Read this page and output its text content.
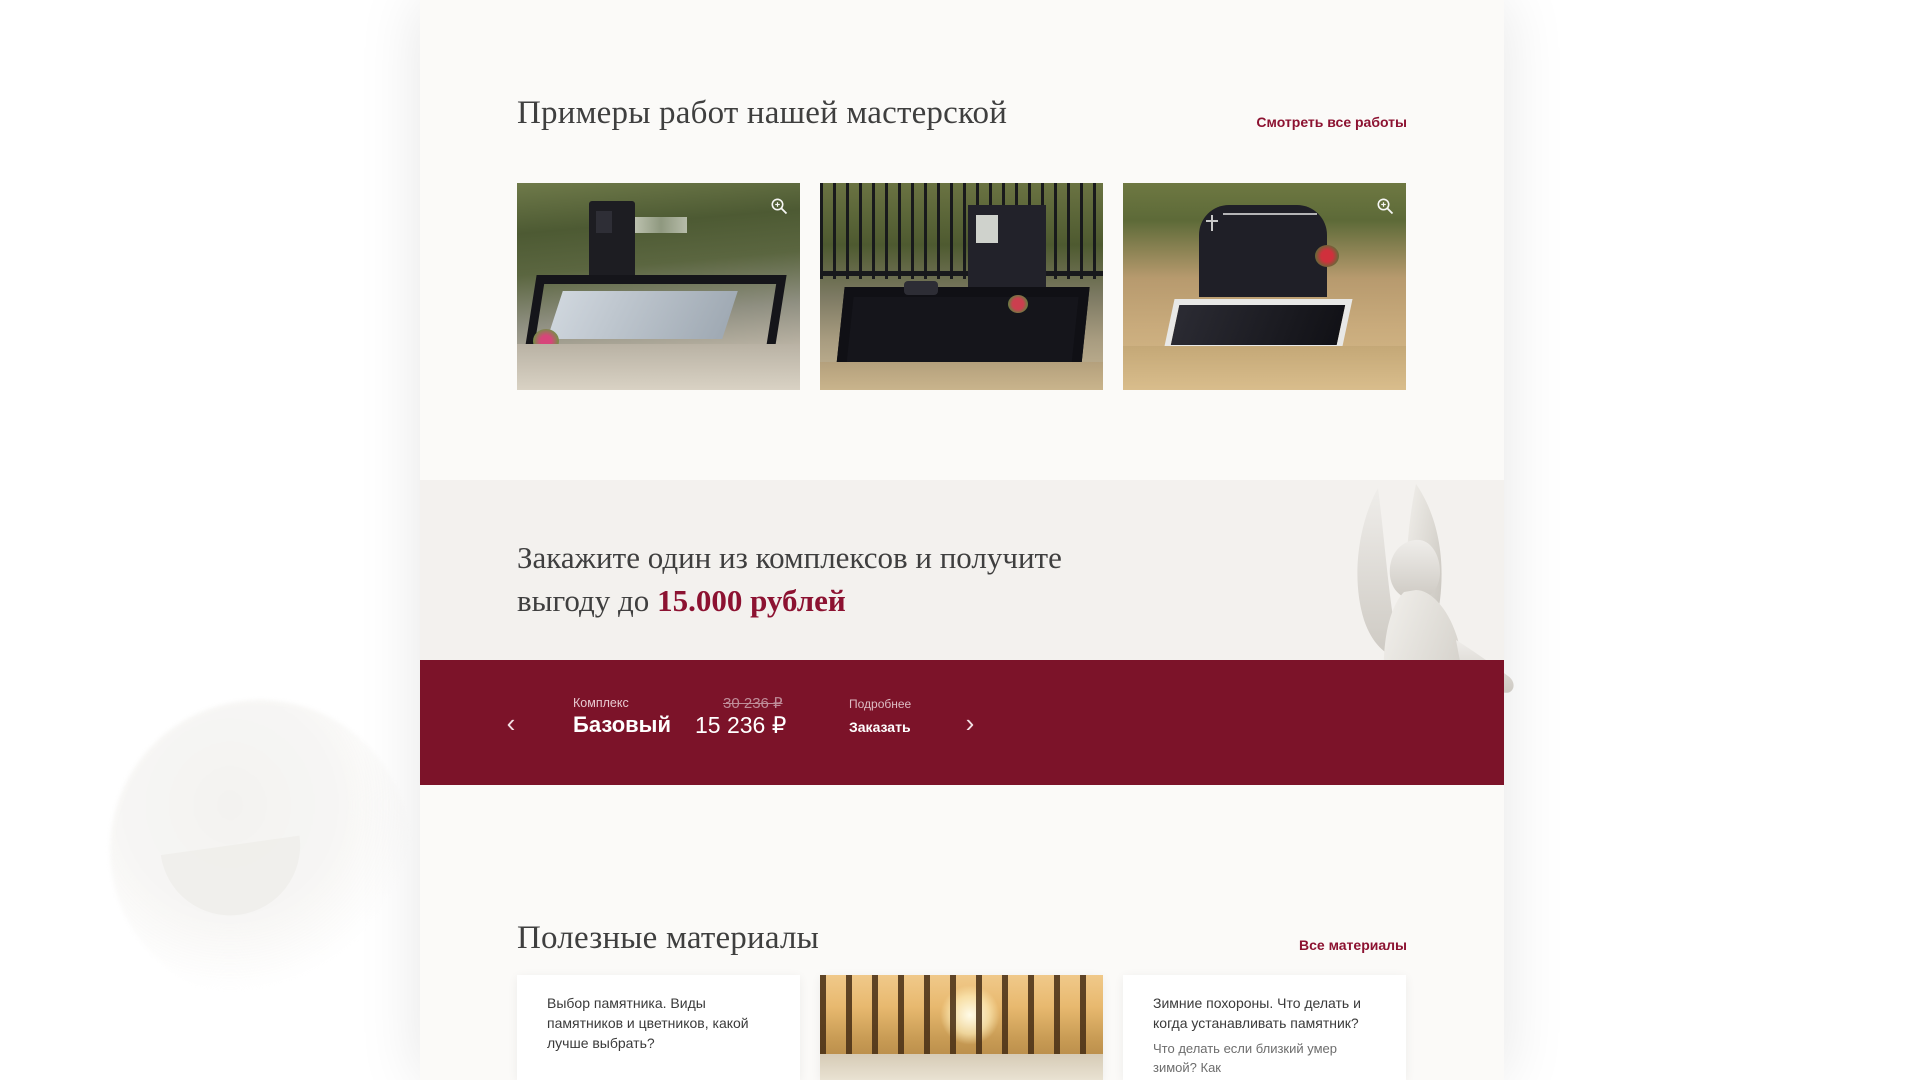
Примеры работ нашей мастерской	Смотреть все работы
Закажите один из комплексов и получите выгоду до 15.000 рублей
‹	›
Комплекс
Базовый
30 236 ₽
15 236 ₽
Подробнее
Заказать
Полезные материалы	Все материалы
Выбор памятника. Виды памятников и цветников, какой лучше выбрать?
Зимние похороны. Что делать и когда устанавливать памятник?
Что делать если близкий умер зимой? Как
